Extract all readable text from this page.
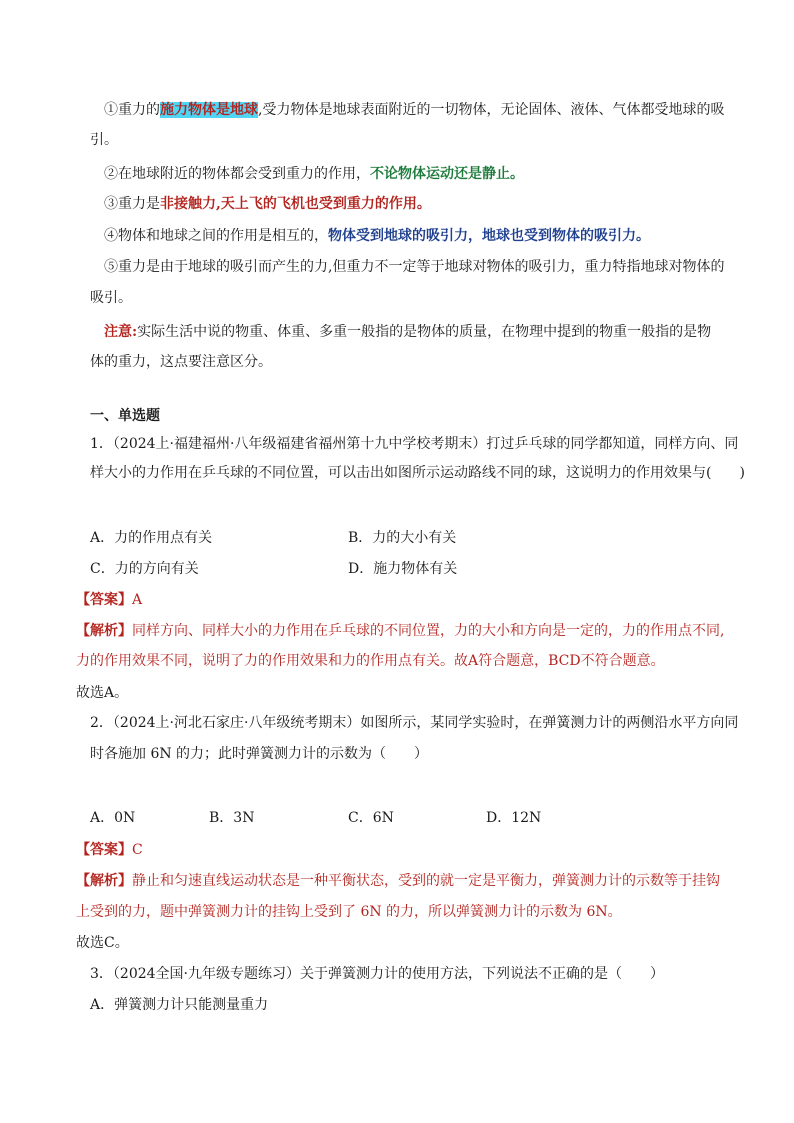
①重力的施力物体是地球,受力物体是地球表面附近的一切物体，无论固体、液体、气体都受地球的吸
引。
②在地球附近的物体都会受到重力的作用，不论物体运动还是静止。
③重力是非接触力,天上飞的飞机也受到重力的作用。
④物体和地球之间的作用是相互的，物体受到地球的吸引力，地球也受到物体的吸引力。
⑤重力是由于地球的吸引而产生的力,但重力不一定等于地球对物体的吸引力，重力特指地球对物体的
吸引。
注意:实际生活中说的物重、体重、多重一般指的是物体的质量，在物理中提到的物重一般指的是物
体的重力，这点要注意区分。
一、单选题
1．（2024上·福建福州·八年级福建省福州第十九中学校考期末）打过乒乓球的同学都知道，同样方向、同
样大小的力作用在乒乓球的不同位置，可以击出如图所示运动路线不同的球，这说明力的作用效果与(　　)
A．力的作用点有关	B．力的大小有关
C．力的方向有关	D．施力物体有关
【答案】A
【解析】同样方向、同样大小的力作用在乒乓球的不同位置，力的大小和方向是一定的，力的作用点不同,
力的作用效果不同，说明了力的作用效果和力的作用点有关。故A符合题意，BCD不符合题意。
故选A。
2．（2024上·河北石家庄·八年级统考期末）如图所示，某同学实验时，在弹簧测力计的两侧沿水平方向同
时各施加 6N 的力；此时弹簧测力计的示数为（　　）
A．0N	B．3N	C．6N	D．12N
【答案】C
【解析】静止和匀速直线运动状态是一种平衡状态，受到的就一定是平衡力，弹簧测力计的示数等于挂钩
上受到的力，题中弹簧测力计的挂钩上受到了 6N 的力，所以弹簧测力计的示数为 6N。
故选C。
3．（2024全国·九年级专题练习）关于弹簧测力计的使用方法，下列说法不正确的是（　　）
A．弹簧测力计只能测量重力
